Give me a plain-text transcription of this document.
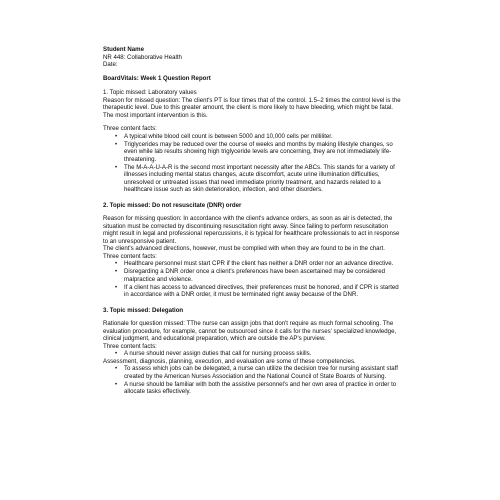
Student Name

NR 448: Collaborative Health

Date:

BoardVitals: Week 1 Question Report

1. Topic missed: Laboratory values

Reason for missed question: The client's PT is four times that of the control. 1.5–2 times the control level is the therapeutic level. Due to this greater amount, the client is more likely to have bleeding, which might be fatal. The most important intervention is this.

Three content facts:

• A typical white blood cell count is between 5000 and 10,000 cells per milliliter.
• Triglycerides may be reduced over the course of weeks and months by making lifestyle changes, so even while lab results showing high triglyceride levels are concerning, they are not immediately life-threatening.
• The M-A-A-U-A-R is the second most important necessity after the ABCs. This stands for a variety of illnesses including mental status changes, acute discomfort, acute urine illumination difficulties, unresolved or untreated issues that need immediate priority treatment, and hazards related to a healthcare issue such as skin deterioration, infection, and other disorders.

2. Topic missed: Do not resuscitate (DNR) order

Reason for missing question: In accordance with the client's advance orders, as soon as air is detected, the situation must be corrected by discontinuing resuscitation right away. Since failing to perform resuscitation might result in legal and professional repercussions, it is typical for healthcare professionals to act in response to an unresponsive patient.

The client's advanced directions, however, must be complied with when they are found to be in the chart.

Three content facts:

• Healthcare personnel must start CPR if the client has neither a DNR order nor an advance directive.
• Disregarding a DNR order once a client's preferences have been ascertained may be considered malpractice and violence.
• If a client has access to advanced directives, their preferences must be honored, and if CPR is started in accordance with a DNR order, it must be terminated right away because of the DNR.

3. Topic missed: Delegation

Rationale for question missed: TThe nurse can assign jobs that don't require as much formal schooling. The evaluation procedure, for example, cannot be outsourced since it calls for the nurses' specialized knowledge, clinical judgment, and educational preparation, which are outside the AP's purview.

Three content facts:

• A nurse should never assign duties that call for nursing process skills.

Assessment, diagnosis, planning, execution, and evaluation are some of these competencies.

• To assess which jobs can be delegated, a nurse can utilize the decision tree for nursing assistant staff created by the American Nurses Association and the National Council of State Boards of Nursing.
• A nurse should be familiar with both the assistive personnel's and her own area of practice in order to allocate tasks effectively.
